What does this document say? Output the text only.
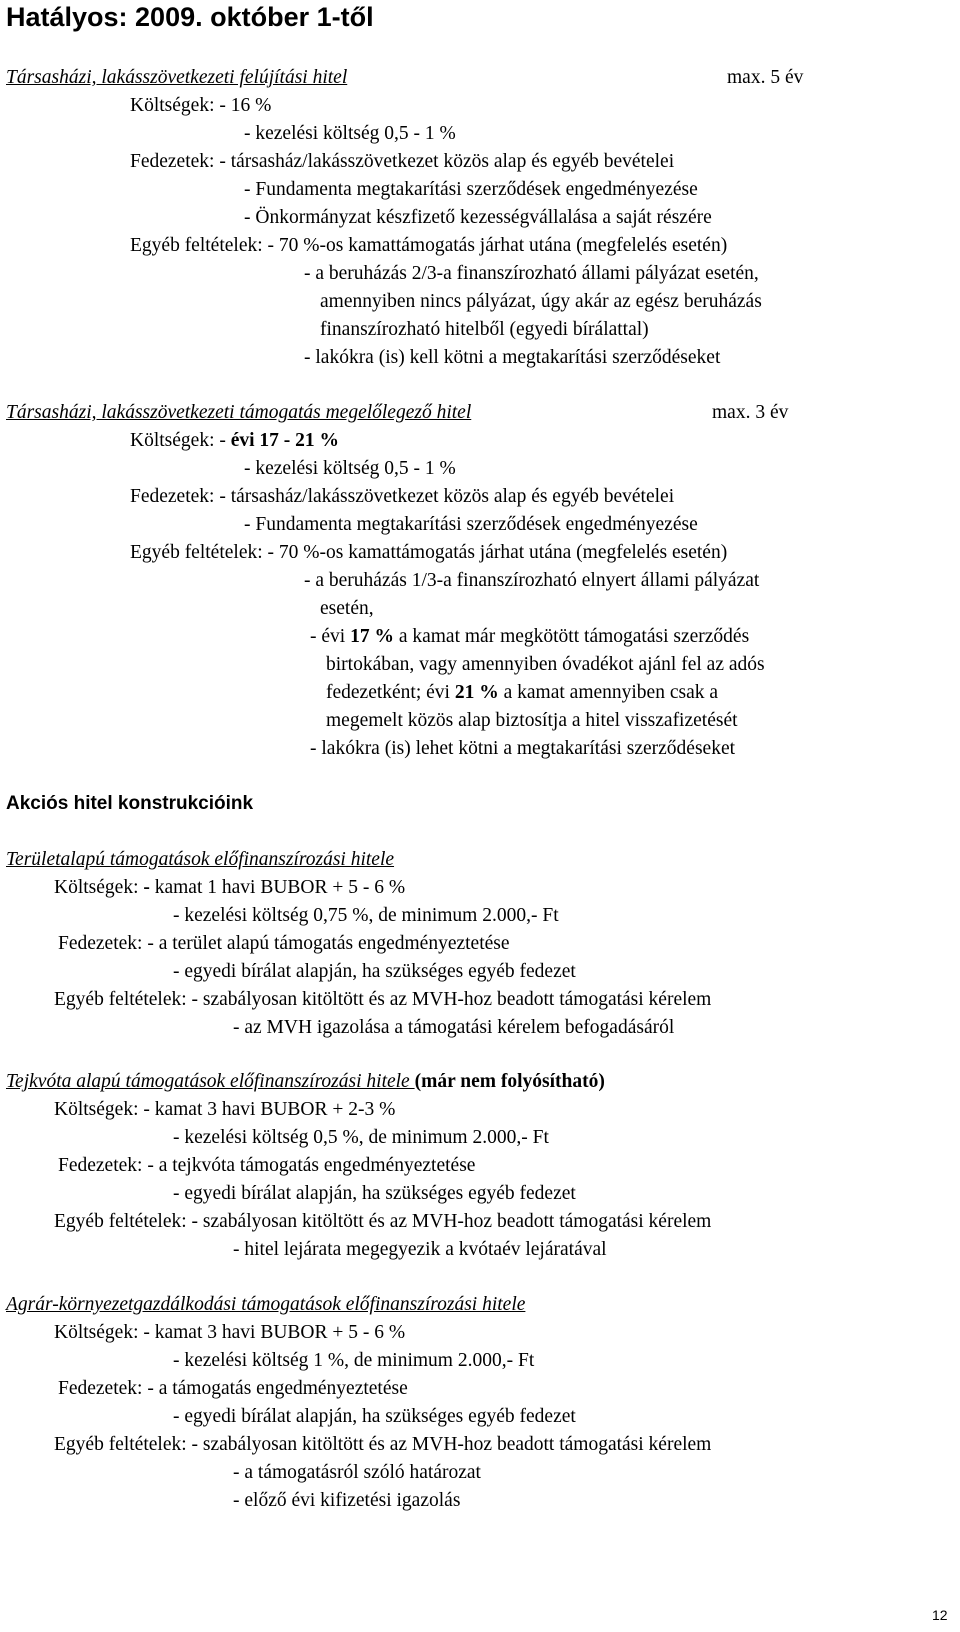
Hatályos: 2009. október 1-től
Társasházi, lakásszövetkezeti felújítási hitel	max. 5 év
Költségek: - 16 %
- kezelési költség 0,5 - 1 %
Fedezetek: - társasház/lakásszövetkezet közös alap és egyéb bevételei
- Fundamenta megtakarítási szerződések engedményezése
- Önkormányzat készfizető kezességvállalása a saját részére
Egyéb feltételek: - 70 %-os kamattámogatás járhat utána (megfelelés esetén)
- a beruházás 2/3-a finanszírozható állami pályázat esetén,
amennyiben nincs pályázat, úgy akár az egész beruházás
finanszírozható hitelből (egyedi bírálattal)
- lakókra (is) kell kötni a megtakarítási szerződéseket
Társasházi, lakásszövetkezeti támogatás megelőlegező hitel	max. 3 év
Költségek: - évi 17 - 21 %
- kezelési költség 0,5 - 1 %
Fedezetek: - társasház/lakásszövetkezet közös alap és egyéb bevételei
- Fundamenta megtakarítási szerződések engedményezése
Egyéb feltételek: - 70 %-os kamattámogatás járhat utána (megfelelés esetén)
- a beruházás 1/3-a finanszírozható elnyert állami pályázat
esetén,
- évi 17 % a kamat már megkötött támogatási szerződés
birtokában, vagy amennyiben óvadékot ajánl fel az adós
fedezetként; évi 21 % a kamat amennyiben csak a
megemelt közös alap biztosítja a hitel visszafizetését
- lakókra (is) lehet kötni a megtakarítási szerződéseket
Akciós hitel konstrukcióink
Területalapú támogatások előfinanszírozási hitele
Költségek: - kamat 1 havi BUBOR + 5 - 6 %
- kezelési költség 0,75 %, de minimum 2.000,- Ft
Fedezetek: - a terület alapú támogatás engedményeztetése
- egyedi bírálat alapján, ha szükséges egyéb fedezet
Egyéb feltételek: - szabályosan kitöltött és az MVH-hoz beadott támogatási kérelem
- az MVH igazolása a támogatási kérelem befogadásáról
Tejkvóta alapú támogatások előfinanszírozási hitele (már nem folyósítható)
Költségek: - kamat 3 havi BUBOR + 2-3 %
- kezelési költség 0,5 %, de minimum 2.000,- Ft
Fedezetek: - a tejkvóta támogatás engedményeztetése
- egyedi bírálat alapján, ha szükséges egyéb fedezet
Egyéb feltételek: - szabályosan kitöltött és az MVH-hoz beadott támogatási kérelem
- hitel lejárata megegyezik a kvótaév lejáratával
Agrár-környezetgazdálkodási támogatások előfinanszírozási hitele
Költségek: - kamat 3 havi BUBOR + 5 - 6 %
- kezelési költség 1 %, de minimum 2.000,- Ft
Fedezetek: - a támogatás engedményeztetése
- egyedi bírálat alapján, ha szükséges egyéb fedezet
Egyéb feltételek: - szabályosan kitöltött és az MVH-hoz beadott támogatási kérelem
- a támogatásról szóló határozat
- előző évi kifizetési igazolás
12
